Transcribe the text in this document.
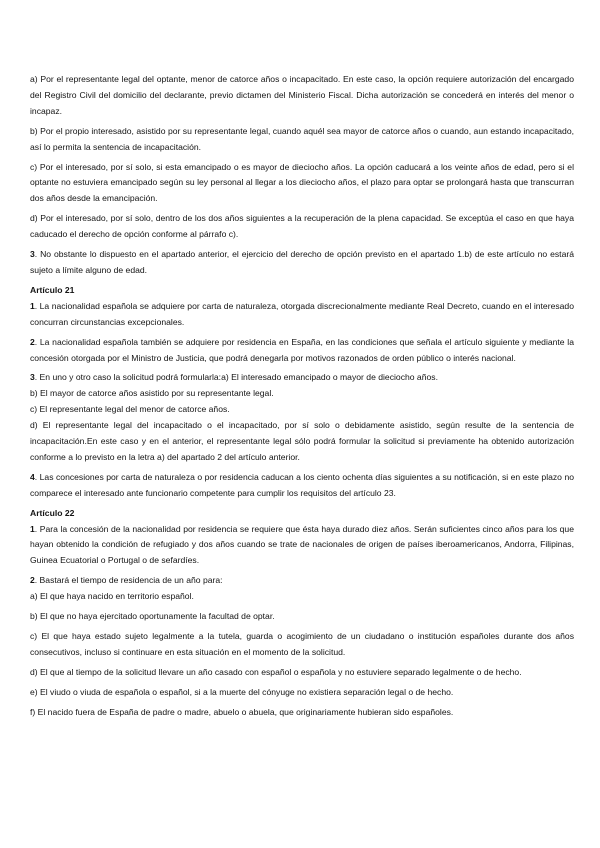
a) Por el representante legal del optante, menor de catorce años o incapacitado. En este caso, la opción requiere autorización del encargado del Registro Civil del domicilio del declarante, previo dictamen del Ministerio Fiscal. Dicha autorización se concederá en interés del menor o incapaz.
b) Por el propio interesado, asistido por su representante legal, cuando aquél sea mayor de catorce años o cuando, aun estando incapacitado, así lo permita la sentencia de incapacitación.
c) Por el interesado, por sí solo, si esta emancipado o es mayor de dieciocho años. La opción caducará a los veinte años de edad, pero si el optante no estuviera emancipado según su ley personal al llegar a los dieciocho años, el plazo para optar se prolongará hasta que transcurran dos años desde la emancipación.
d) Por el interesado, por sí solo, dentro de los dos años siguientes a la recuperación de la plena capacidad. Se exceptúa el caso en que haya caducado el derecho de opción conforme al párrafo c).
3. No obstante lo dispuesto en el apartado anterior, el ejercicio del derecho de opción previsto en el apartado 1.b) de este artículo no estará sujeto a límite alguno de edad.
Artículo 21
1. La nacionalidad española se adquiere por carta de naturaleza, otorgada discrecionalmente mediante Real Decreto, cuando en el interesado concurran circunstancias excepcionales.
2. La nacionalidad española también se adquiere por residencia en España, en las condiciones que señala el artículo siguiente y mediante la concesión otorgada por el Ministro de Justicia, que podrá denegarla por motivos razonados de orden público o interés nacional.
3. En uno y otro caso la solicitud podrá formularla:a) El interesado emancipado o mayor de dieciocho años.
b) El mayor de catorce años asistido por su representante legal.
c) El representante legal del menor de catorce años.
d) El representante legal del incapacitado o el incapacitado, por sí solo o debidamente asistido, según resulte de la sentencia de incapacitación.En este caso y en el anterior, el representante legal sólo podrá formular la solicitud si previamente ha obtenido autorización conforme a lo previsto en la letra a) del apartado 2 del artículo anterior.
4. Las concesiones por carta de naturaleza o por residencia caducan a los ciento ochenta días siguientes a su notificación, si en este plazo no comparece el interesado ante funcionario competente para cumplir los requisitos del artículo 23.
Artículo 22
1. Para la concesión de la nacionalidad por residencia se requiere que ésta haya durado diez años. Serán suficientes cinco años para los que hayan obtenido la condición de refugiado y dos años cuando se trate de nacionales de origen de países iberoamericanos, Andorra, Filipinas, Guinea Ecuatorial o Portugal o de sefardíes.
2. Bastará el tiempo de residencia de un año para:
a) El que haya nacido en territorio español.
b) El que no haya ejercitado oportunamente la facultad de optar.
c) El que haya estado sujeto legalmente a la tutela, guarda o acogimiento de un ciudadano o institución españoles durante dos años consecutivos, incluso si continuare en esta situación en el momento de la solicitud.
d) El que al tiempo de la solicitud llevare un año casado con español o española y no estuviere separado legalmente o de hecho.
e) El viudo o viuda de española o español, si a la muerte del cónyuge no existiera separación legal o de hecho.
f) El nacido fuera de España de padre o madre, abuelo o abuela, que originariamente hubieran sido españoles.
